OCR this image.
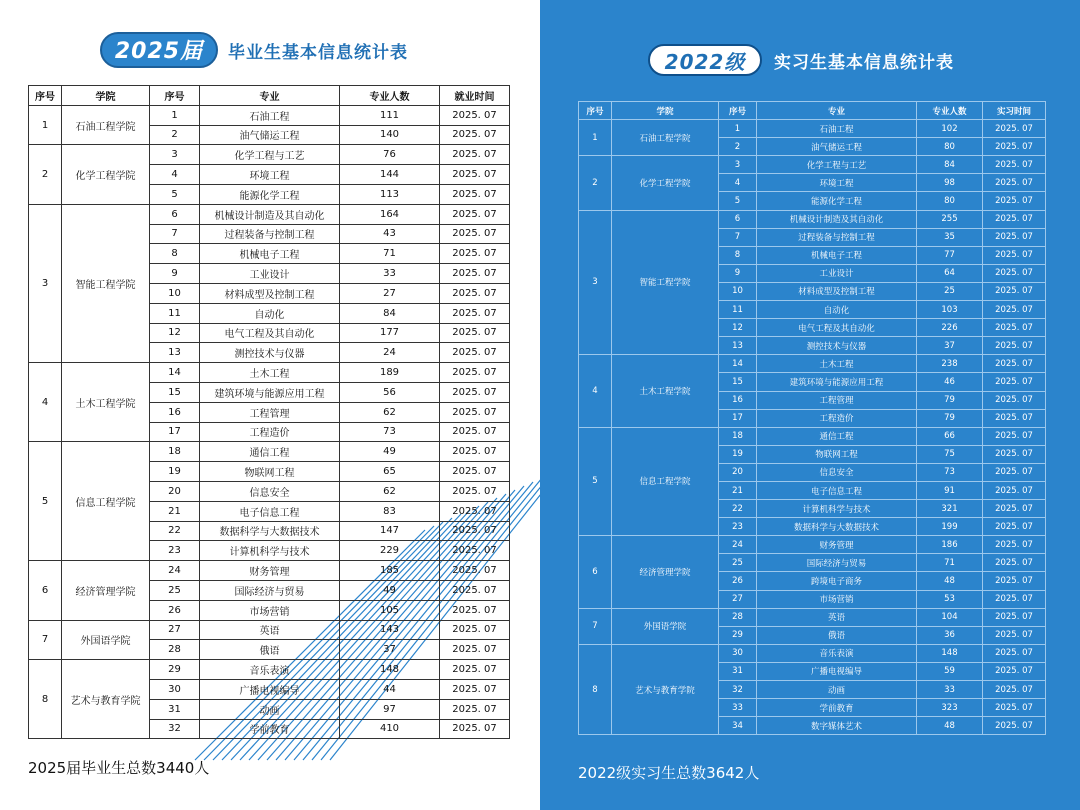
2025届	毕业生基本信息统计表	2022级	实习生基本信息统计表
序号	学院	序号	专业	专业人数	就业时间
1	石油工程学院	1	石油工程	111	2025. 07
		2	油气储运工程	140	2025. 07
2	化学工程学院	3	化学工程与工艺	76	2025. 07
		4	环境工程	144	2025. 07
		5	能源化学工程	113	2025. 07
3	智能工程学院	6	机械设计制造及其自动化	164	2025. 07
		7	过程装备与控制工程	43	2025. 07
		8	机械电子工程	71	2025. 07
		9	工业设计	33	2025. 07
		10	材料成型及控制工程	27	2025. 07
		11	自动化	84	2025. 07
		12	电气工程及其自动化	177	2025. 07
		13	测控技术与仪器	24	2025. 07
4	土木工程学院	14	土木工程	189	2025. 07
		15	建筑环境与能源应用工程	56	2025. 07
		16	工程管理	62	2025. 07
		17	工程造价	73	2025. 07
5	信息工程学院	18	通信工程	49	2025. 07
		19	物联网工程	65	2025. 07
		20	信息安全	62	2025. 07
		21	电子信息工程	83	2025. 07
		22	数据科学与大数据技术	147	2025. 07
		23	计算机科学与技术	229	2025. 07
6	经济管理学院	24	财务管理	185	2025. 07
		25	国际经济与贸易	49	2025. 07
		26	市场营销	105	2025. 07
7	外国语学院	27	英语	143	2025. 07
		28	俄语	37	2025. 07
8	艺术与教育学院	29	音乐表演	148	2025. 07
		30	广播电视编导	44	2025. 07
		31	动画	97	2025. 07
		32	学前教育	410	2025. 07
序号	学院	序号	专业	专业人数	实习时间
1	石油工程学院	1	石油工程	102	2025. 07
		2	油气储运工程	80	2025. 07
2	化学工程学院	3	化学工程与工艺	84	2025. 07
		4	环境工程	98	2025. 07
		5	能源化学工程	80	2025. 07
3	智能工程学院	6	机械设计制造及其自动化	255	2025. 07
		7	过程装备与控制工程	35	2025. 07
		8	机械电子工程	77	2025. 07
		9	工业设计	64	2025. 07
		10	材料成型及控制工程	25	2025. 07
		11	自动化	103	2025. 07
		12	电气工程及其自动化	226	2025. 07
		13	测控技术与仪器	37	2025. 07
4	土木工程学院	14	土木工程	238	2025. 07
		15	建筑环境与能源应用工程	46	2025. 07
		16	工程管理	79	2025. 07
		17	工程造价	79	2025. 07
5	信息工程学院	18	通信工程	66	2025. 07
		19	物联网工程	75	2025. 07
		20	信息安全	73	2025. 07
		21	电子信息工程	91	2025. 07
		22	计算机科学与技术	321	2025. 07
		23	数据科学与大数据技术	199	2025. 07
6	经济管理学院	24	财务管理	186	2025. 07
		25	国际经济与贸易	71	2025. 07
		26	跨境电子商务	48	2025. 07
		27	市场营销	53	2025. 07
7	外国语学院	28	英语	104	2025. 07
		29	俄语	36	2025. 07
8	艺术与教育学院	30	音乐表演	148	2025. 07
		31	广播电视编导	59	2025. 07
		32	动画	33	2025. 07
		33	学前教育	323	2025. 07
		34	数字媒体艺术	48	2025. 07
2025届毕业生总数3440人	2022级实习生总数3642人
